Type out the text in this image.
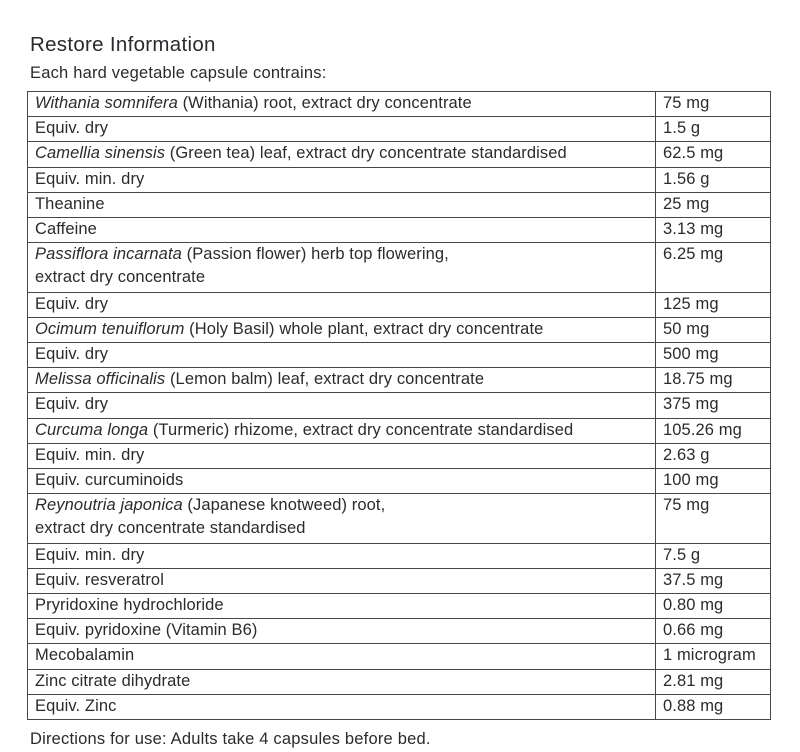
Restore Information

Each hard vegetable capsule contrains:

Withania somnifera (Withania) root, extract dry concentrate	75 mg
Equiv. dry	1.5 g
Camellia sinensis (Green tea) leaf, extract dry concentrate standardised	62.5 mg
Equiv. min. dry	1.56 g
Theanine	25 mg
Caffeine	3.13 mg
Passiflora incarnata (Passion flower) herb top flowering,
extract dry concentrate	6.25 mg
Equiv. dry	125 mg
Ocimum tenuiflorum (Holy Basil) whole plant, extract dry concentrate	50 mg
Equiv. dry	500 mg
Melissa officinalis (Lemon balm) leaf, extract dry concentrate	18.75 mg
Equiv. dry	375 mg
Curcuma longa (Turmeric) rhizome, extract dry concentrate standardised	105.26 mg
Equiv. min. dry	2.63 g
Equiv. curcuminoids	100 mg
Reynoutria japonica (Japanese knotweed) root,
extract dry concentrate standardised	75 mg
Equiv. min. dry	7.5 g
Equiv. resveratrol	37.5 mg
Pryridoxine hydrochloride	0.80 mg
Equiv. pyridoxine (Vitamin B6)	0.66 mg
Mecobalamin	1 microgram
Zinc citrate dihydrate	2.81 mg
Equiv. Zinc	0.88 mg

Directions for use: Adults take 4 capsules before bed.
